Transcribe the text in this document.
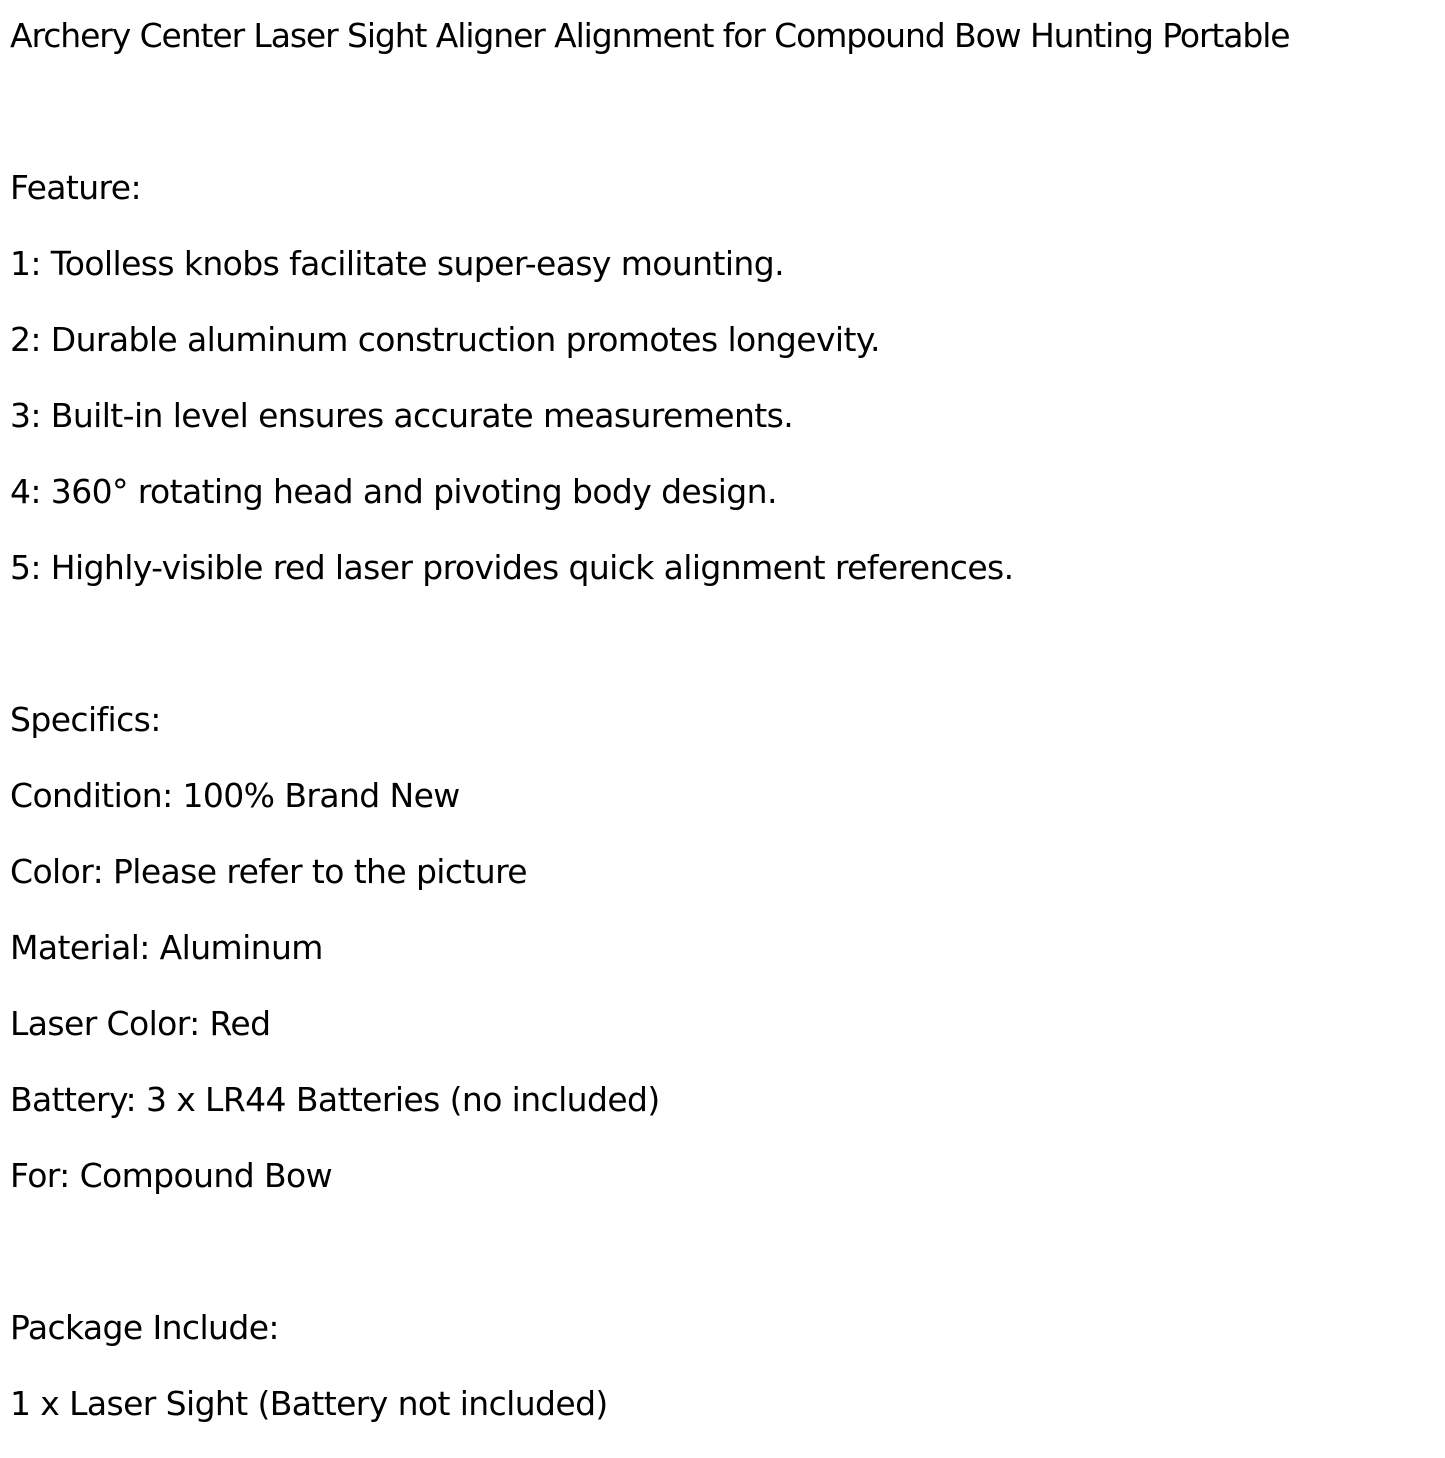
Archery Center Laser Sight Aligner Alignment for Compound Bow Hunting Portable
Feature:
1: Toolless knobs facilitate super-easy mounting.
2: Durable aluminum construction promotes longevity.
3: Built-in level ensures accurate measurements.
4: 360° rotating head and pivoting body design.
5: Highly-visible red laser provides quick alignment references.
Specifics:
Condition: 100% Brand New
Color: Please refer to the picture
Material: Aluminum
Laser Color: Red
Battery: 3 x LR44 Batteries (no included)
For: Compound Bow
Package Include:
1 x Laser Sight (Battery not included)
